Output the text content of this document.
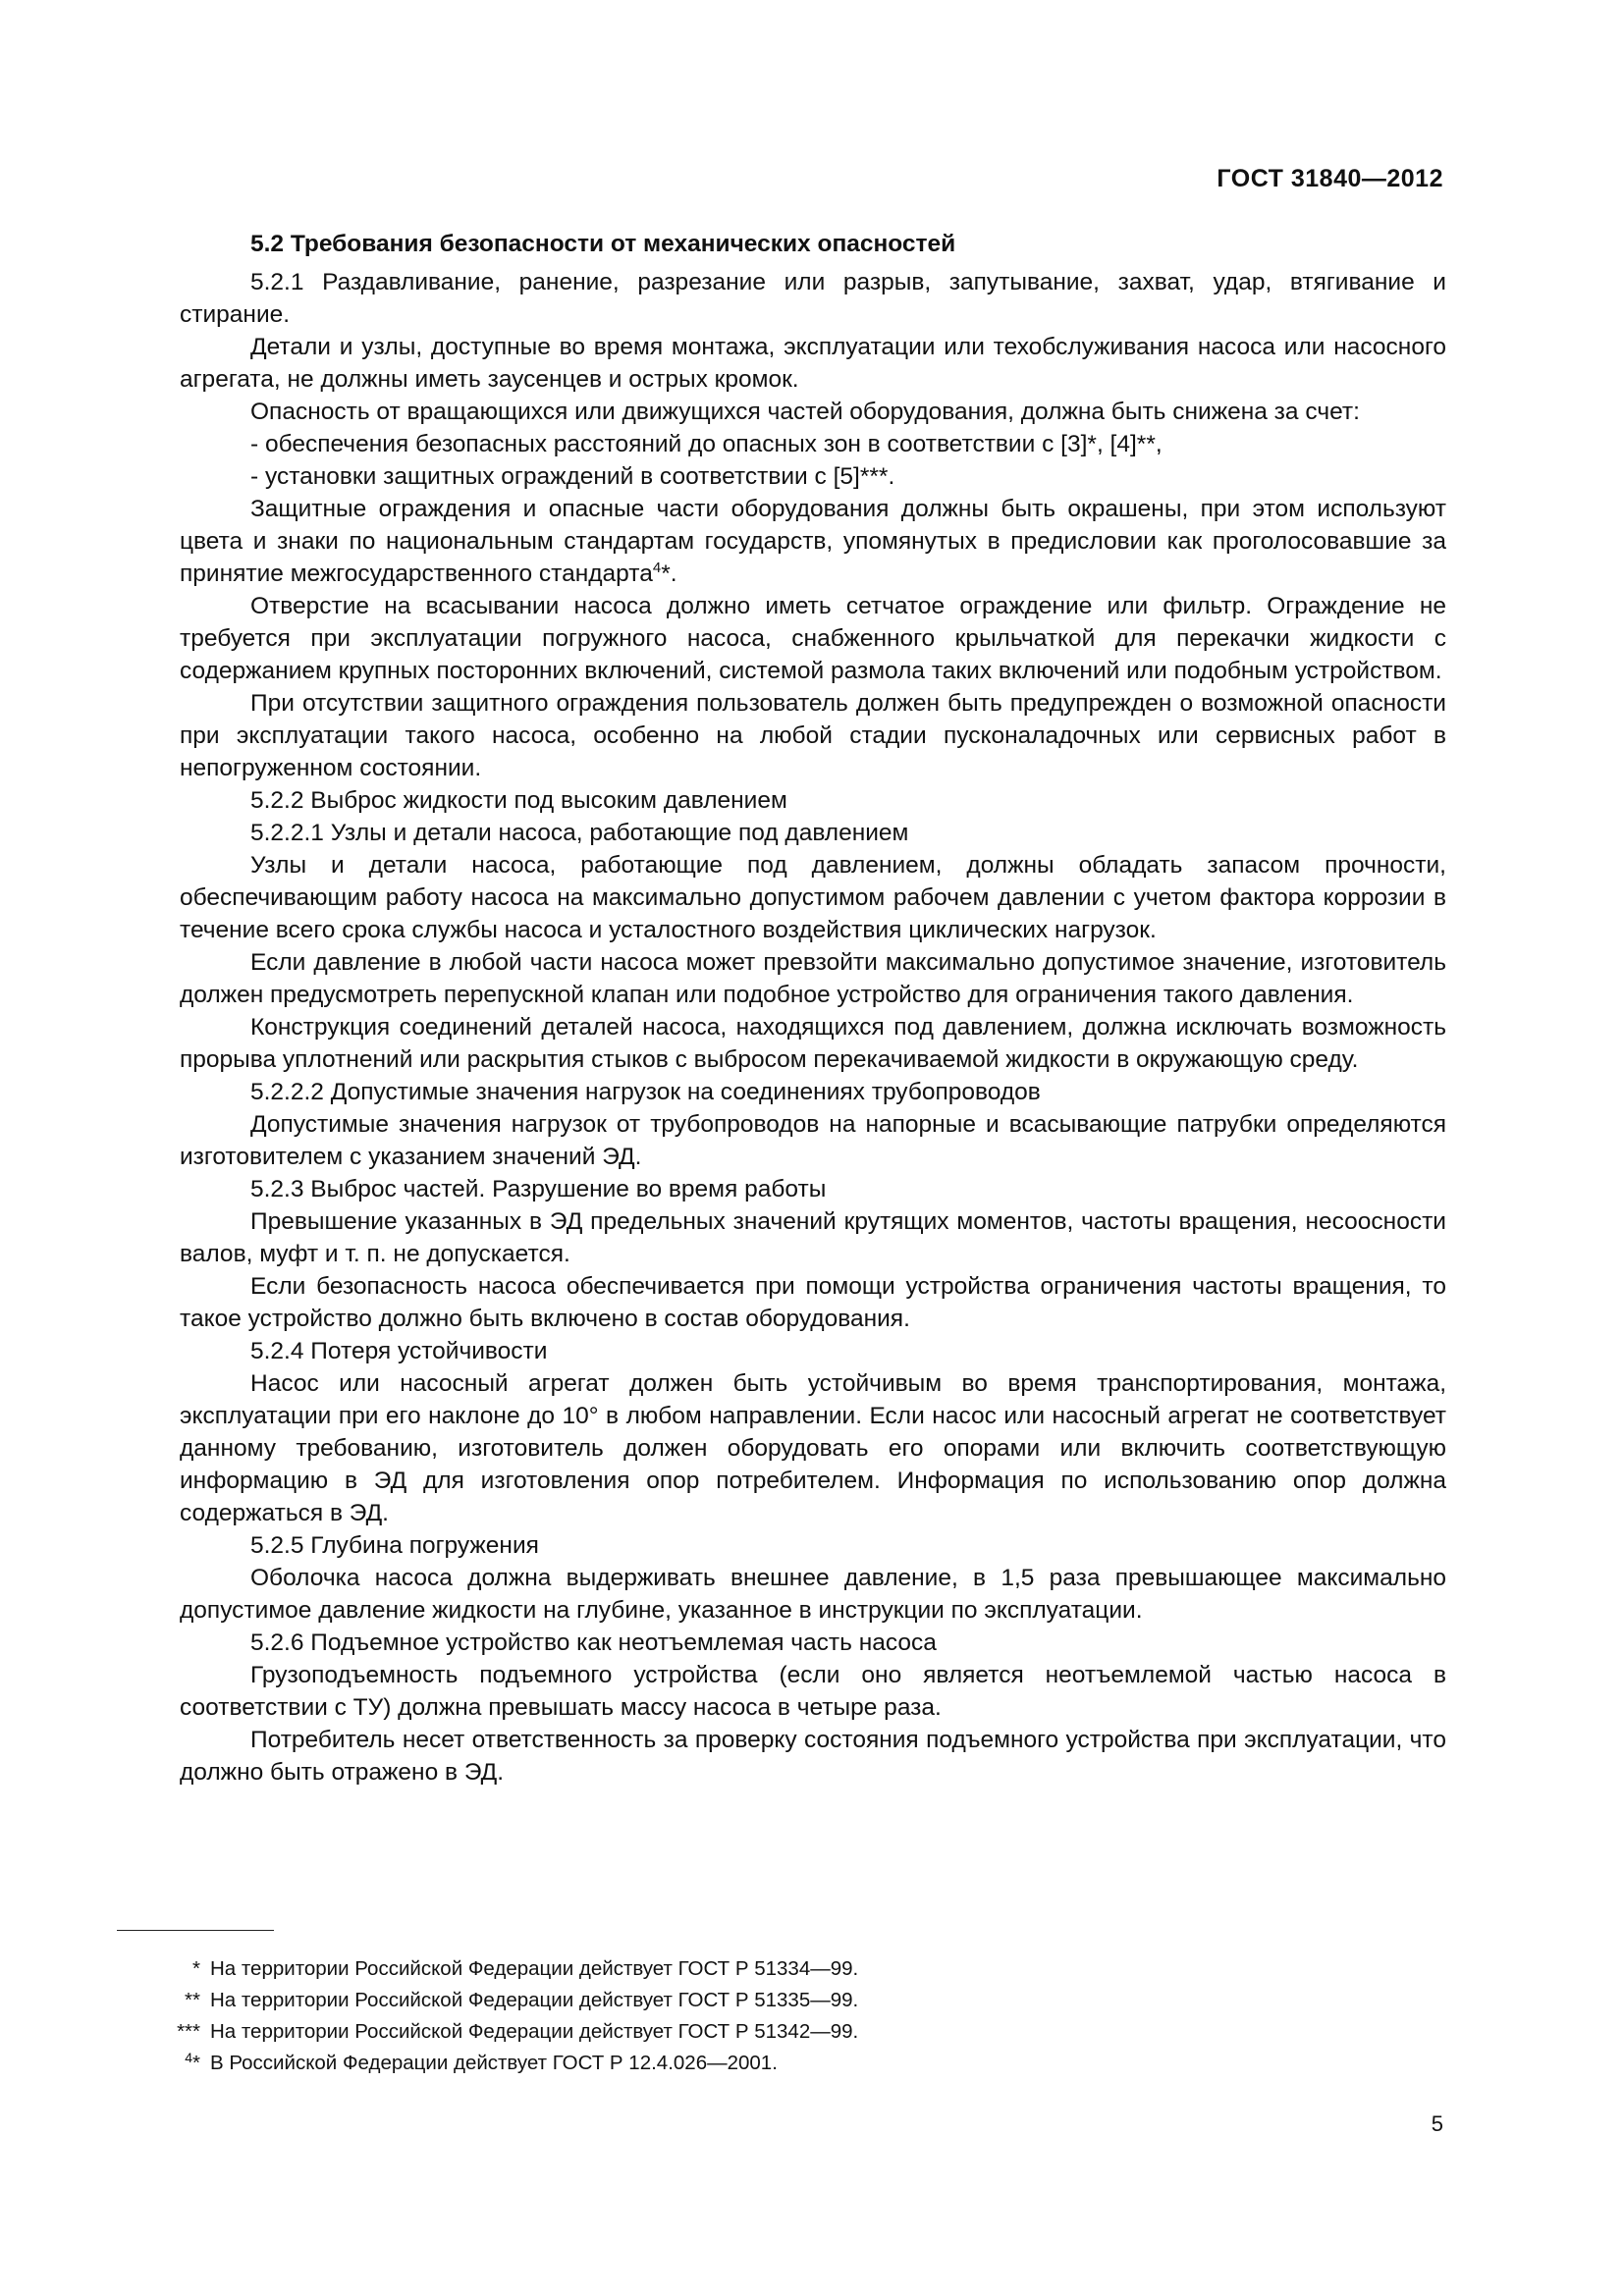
ГОСТ 31840—2012

5.2 Требования безопасности от механических опасностей

5.2.1 Раздавливание, ранение, разрезание или разрыв, запутывание, захват, удар, втягивание и стирание.

Детали и узлы, доступные во время монтажа, эксплуатации или техобслуживания насоса или насосного агрегата, не должны иметь заусенцев и острых кромок.

Опасность от вращающихся или движущихся частей оборудования, должна быть снижена за счет:

- обеспечения безопасных расстояний до опасных зон в соответствии с [3]*, [4]**,

- установки защитных ограждений в соответствии с [5]***.

Защитные ограждения и опасные части оборудования должны быть окрашены, при этом используют цвета и знаки по национальным стандартам государств, упомянутых в предисловии как проголосовавшие за принятие межгосударственного стандарта$^4$*.

Отверстие на всасывании насоса должно иметь сетчатое ограждение или фильтр. Ограждение не требуется при эксплуатации погружного насоса, снабженного крыльчаткой для перекачки жидкости с содержанием крупных посторонних включений, системой размола таких включений или подобным устройством.

При отсутствии защитного ограждения пользователь должен быть предупрежден о возможной опасности при эксплуатации такого насоса, особенно на любой стадии пусконаладочных или сервисных работ в непогруженном состоянии.

5.2.2 Выброс жидкости под высоким давлением

5.2.2.1 Узлы и детали насоса, работающие под давлением

Узлы и детали насоса, работающие под давлением, должны обладать запасом прочности, обеспечивающим работу насоса на максимально допустимом рабочем давлении с учетом фактора коррозии в течение всего срока службы насоса и усталостного воздействия циклических нагрузок.

Если давление в любой части насоса может превзойти максимально допустимое значение, изготовитель должен предусмотреть перепускной клапан или подобное устройство для ограничения такого давления.

Конструкция соединений деталей насоса, находящихся под давлением, должна исключать возможность прорыва уплотнений или раскрытия стыков с выбросом перекачиваемой жидкости в окружающую среду.

5.2.2.2 Допустимые значения нагрузок на соединениях трубопроводов

Допустимые значения нагрузок от трубопроводов на напорные и всасывающие патрубки определяются изготовителем с указанием значений ЭД.

5.2.3 Выброс частей. Разрушение во время работы

Превышение указанных в ЭД предельных значений крутящих моментов, частоты вращения, несоосности валов, муфт и т. п. не допускается.

Если безопасность насоса обеспечивается при помощи устройства ограничения частоты вращения, то такое устройство должно быть включено в состав оборудования.

5.2.4 Потеря устойчивости

Насос или насосный агрегат должен быть устойчивым во время транспортирования, монтажа, эксплуатации при его наклоне до 10° в любом направлении. Если насос или насосный агрегат не соответствует данному требованию, изготовитель должен оборудовать его опорами или включить соответствующую информацию в ЭД для изготовления опор потребителем. Информация по использованию опор должна содержаться в ЭД.

5.2.5 Глубина погружения

Оболочка насоса должна выдерживать внешнее давление, в 1,5 раза превышающее максимально допустимое давление жидкости на глубине, указанное в инструкции по эксплуатации.

5.2.6 Подъемное устройство как неотъемлемая часть насоса

Грузоподъемность подъемного устройства (если оно является неотъемлемой частью насоса в соответствии с ТУ) должна превышать массу насоса в четыре раза.

Потребитель несет ответственность за проверку состояния подъемного устройства при эксплуатации, что должно быть отражено в ЭД.

* На территории Российской Федерации действует ГОСТ Р 51334—99.
** На территории Российской Федерации действует ГОСТ Р 51335—99.
*** На территории Российской Федерации действует ГОСТ Р 51342—99.
$^4$* В Российской Федерации действует ГОСТ Р 12.4.026—2001.
5
